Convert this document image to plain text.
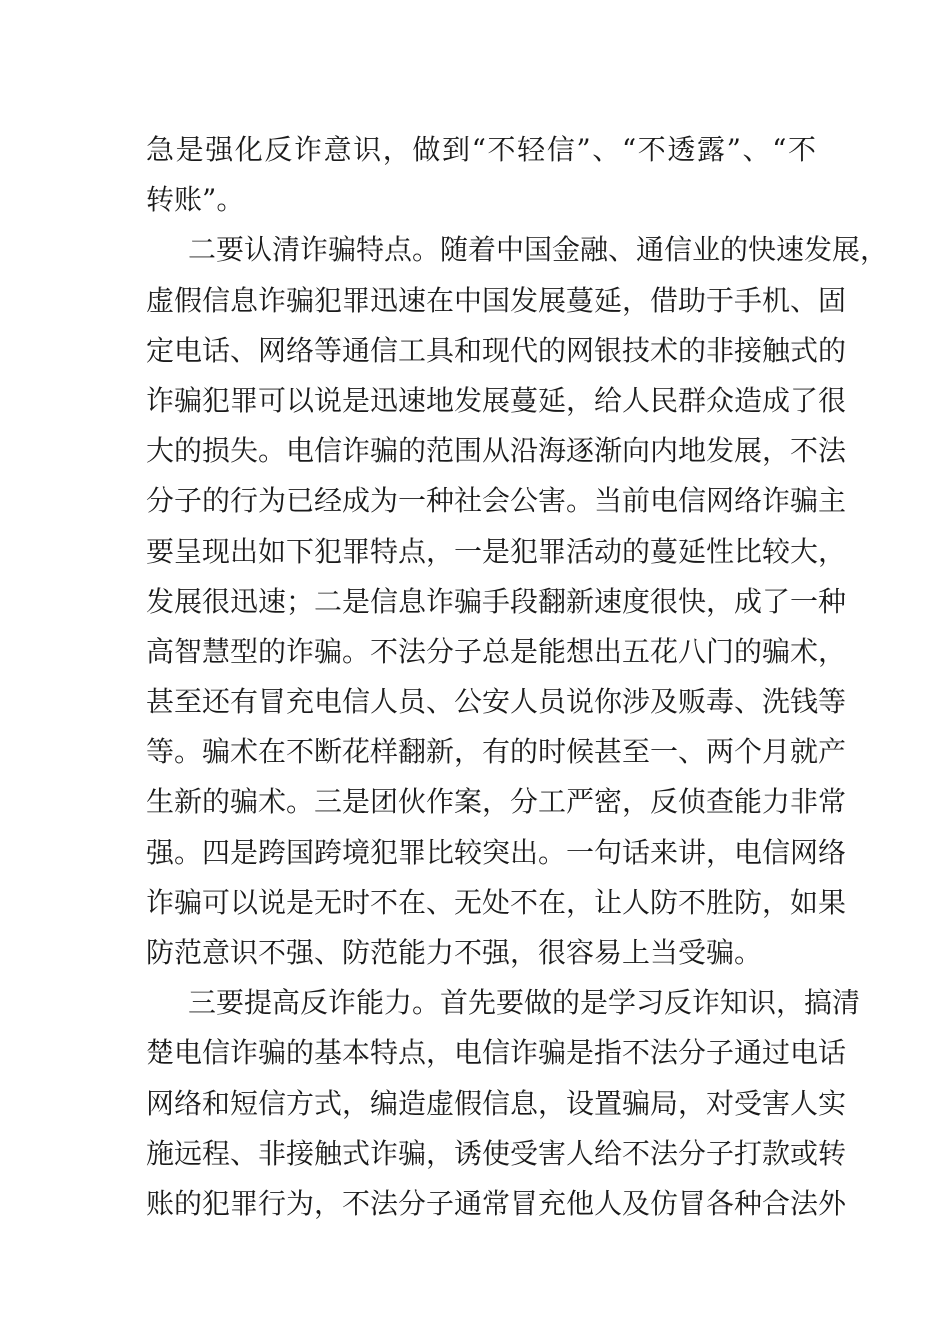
急是强化反诈意识，做到“不轻信”、“不透露”、“不
转账”。
二要认清诈骗特点。随着中国金融、通信业的快速发展，
虚假信息诈骗犯罪迅速在中国发展蔓延，借助于手机、固
定电话、网络等通信工具和现代的网银技术的非接触式的
诈骗犯罪可以说是迅速地发展蔓延，给人民群众造成了很
大的损失。电信诈骗的范围从沿海逐渐向内地发展，不法
分子的行为已经成为一种社会公害。当前电信网络诈骗主
要呈现出如下犯罪特点，一是犯罪活动的蔓延性比较大，
发展很迅速；二是信息诈骗手段翻新速度很快，成了一种
高智慧型的诈骗。不法分子总是能想出五花八门的骗术，
甚至还有冒充电信人员、公安人员说你涉及贩毒、洗钱等
等。骗术在不断花样翻新，有的时候甚至一、两个月就产
生新的骗术。三是团伙作案，分工严密，反侦查能力非常
强。四是跨国跨境犯罪比较突出。一句话来讲，电信网络
诈骗可以说是无时不在、无处不在，让人防不胜防，如果
防范意识不强、防范能力不强，很容易上当受骗。
三要提高反诈能力。首先要做的是学习反诈知识，搞清
楚电信诈骗的基本特点，电信诈骗是指不法分子通过电话
网络和短信方式，编造虚假信息，设置骗局，对受害人实
施远程、非接触式诈骗，诱使受害人给不法分子打款或转
账的犯罪行为，不法分子通常冒充他人及仿冒各种合法外
